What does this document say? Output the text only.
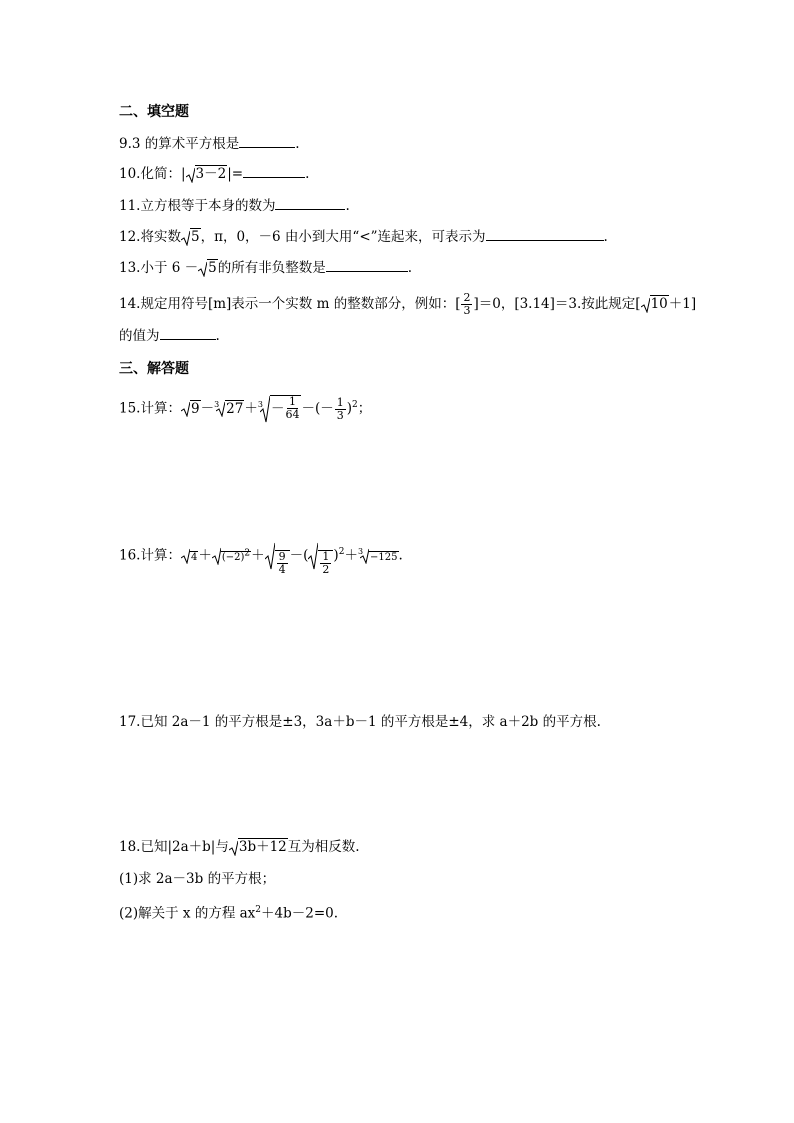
二、填空题
9.3 的算术平方根是	.
10.化简：| 3－2|=	.
11.立方根等于本身的数为	.
12.将实数 5，π，0，－6 由小到大用“<”连起来，可表示为	.
13.小于 6 － 5的所有非负整数是	.
14.规定用符号[m]表示一个实数 m 的整数部分，例如：[ $\frac{2}{3} ]=0$，[3.14]＝3.按此规定[ 10＋1]
的值为	.
三、解答题
15.计算： 9－$^3$ $27+^3 - \frac{1}{64}$ －(－ $\frac{1}{3} )^2$；
16.计算： $4+ (-2)^2+ \frac{9}{4}$ －( $\frac{1}{2} )^2+^3-125$.
17.已知 2a－1 的平方根是±3，3a＋b－1 的平方根是±4，求 a＋2b 的平方根.
18.已知|2a＋b|与 3b＋12互为相反数.
(1)求 2a－3b 的平方根；
(2)解关于 x 的方程 $ax^2+4b-2=0$.
